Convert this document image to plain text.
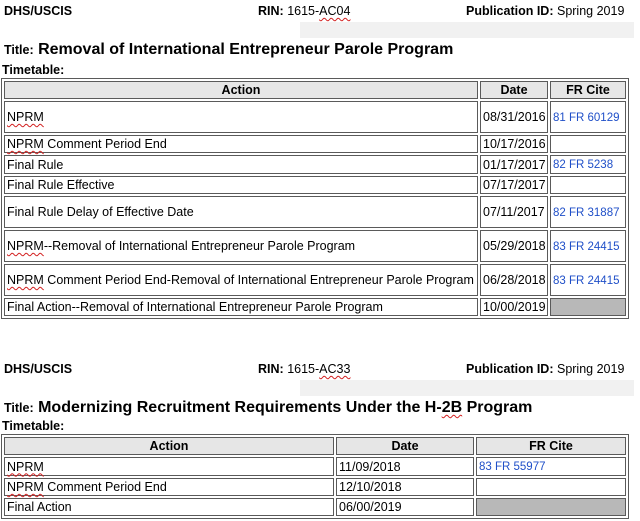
DHS/USCIS	RIN: 1615-AC04	Publication ID: Spring 2019
Title: Removal of International Entrepreneur Parole Program
Timetable:
Action	Date	FR Cite
NPRM	08/31/2016	81 FR 60129
NPRM Comment Period End	10/17/2016	
Final Rule	01/17/2017	82 FR 5238
Final Rule Effective	07/17/2017	
Final Rule Delay of Effective Date	07/11/2017	82 FR 31887
NPRM--Removal of International Entrepreneur Parole Program	05/29/2018	83 FR 24415
NPRM Comment Period End-Removal of International Entrepreneur Parole Program	06/28/2018	83 FR 24415
Final Action--Removal of International Entrepreneur Parole Program	10/00/2019	
DHS/USCIS	RIN: 1615-AC33	Publication ID: Spring 2019
Title: Modernizing Recruitment Requirements Under the H-2B Program
Timetable:
Action	Date	FR Cite
NPRM	11/09/2018	83 FR 55977
NPRM Comment Period End	12/10/2018	
Final Action	06/00/2019	
